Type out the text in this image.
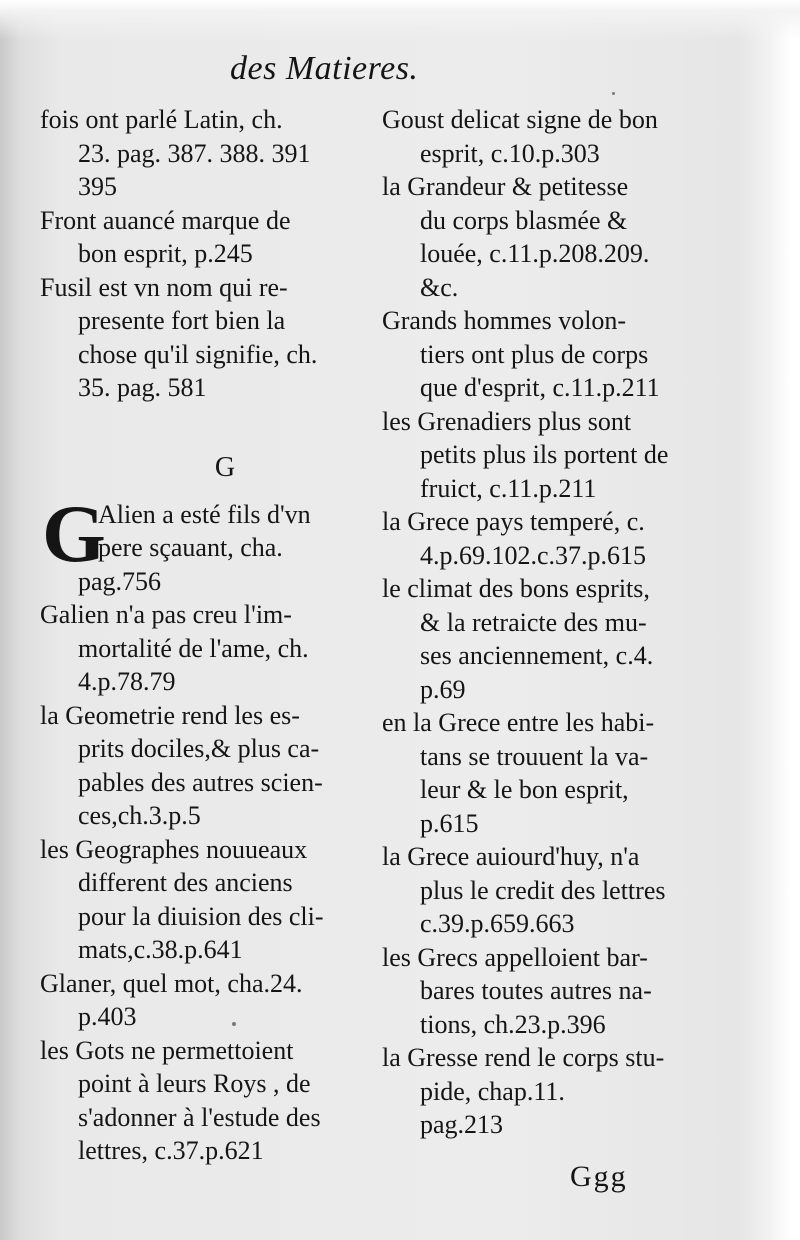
des Matieres.
fois ont parlé Latin, ch.
23. pag. 387. 388. 391
395
Front auancé marque de
bon esprit, p.245
Fusil est vn nom qui re-
presente fort bien la
chose qu'il signifie, ch.
35. pag. 581
G
G
Alien a esté fils d'vn
pere sçauant, cha.
pag.756
Galien n'a pas creu l'im-
mortalité de l'ame, ch.
4.p.78.79
la Geometrie rend les es-
prits dociles,& plus ca-
pables des autres scien-
ces,ch.3.p.5
les Geographes nouueaux
different des anciens
pour la diuision des cli-
mats,c.38.p.641
Glaner, quel mot, cha.24.
p.403
les Gots ne permettoient
point à leurs Roys , de
s'adonner à l'estude des
lettres, c.37.p.621
Goust delicat signe de bon
esprit, c.10.p.303
la Grandeur & petitesse
du corps blasmée &
louée, c.11.p.208.209.
&c.
Grands hommes volon-
tiers ont plus de corps
que d'esprit, c.11.p.211
les Grenadiers plus sont
petits plus ils portent de
fruict, c.11.p.211
la Grece pays temperé, c.
4.p.69.102.c.37.p.615
le climat des bons esprits,
& la retraicte des mu-
ses anciennement, c.4.
p.69
en la Grece entre les habi-
tans se trouuent la va-
leur & le bon esprit,
p.615
la Grece auiourd'huy, n'a
plus le credit des lettres
c.39.p.659.663
les Grecs appelloient bar-
bares toutes autres na-
tions, ch.23.p.396
la Gresse rend le corps stu-
pide, chap.11.
pag.213
Ggg
